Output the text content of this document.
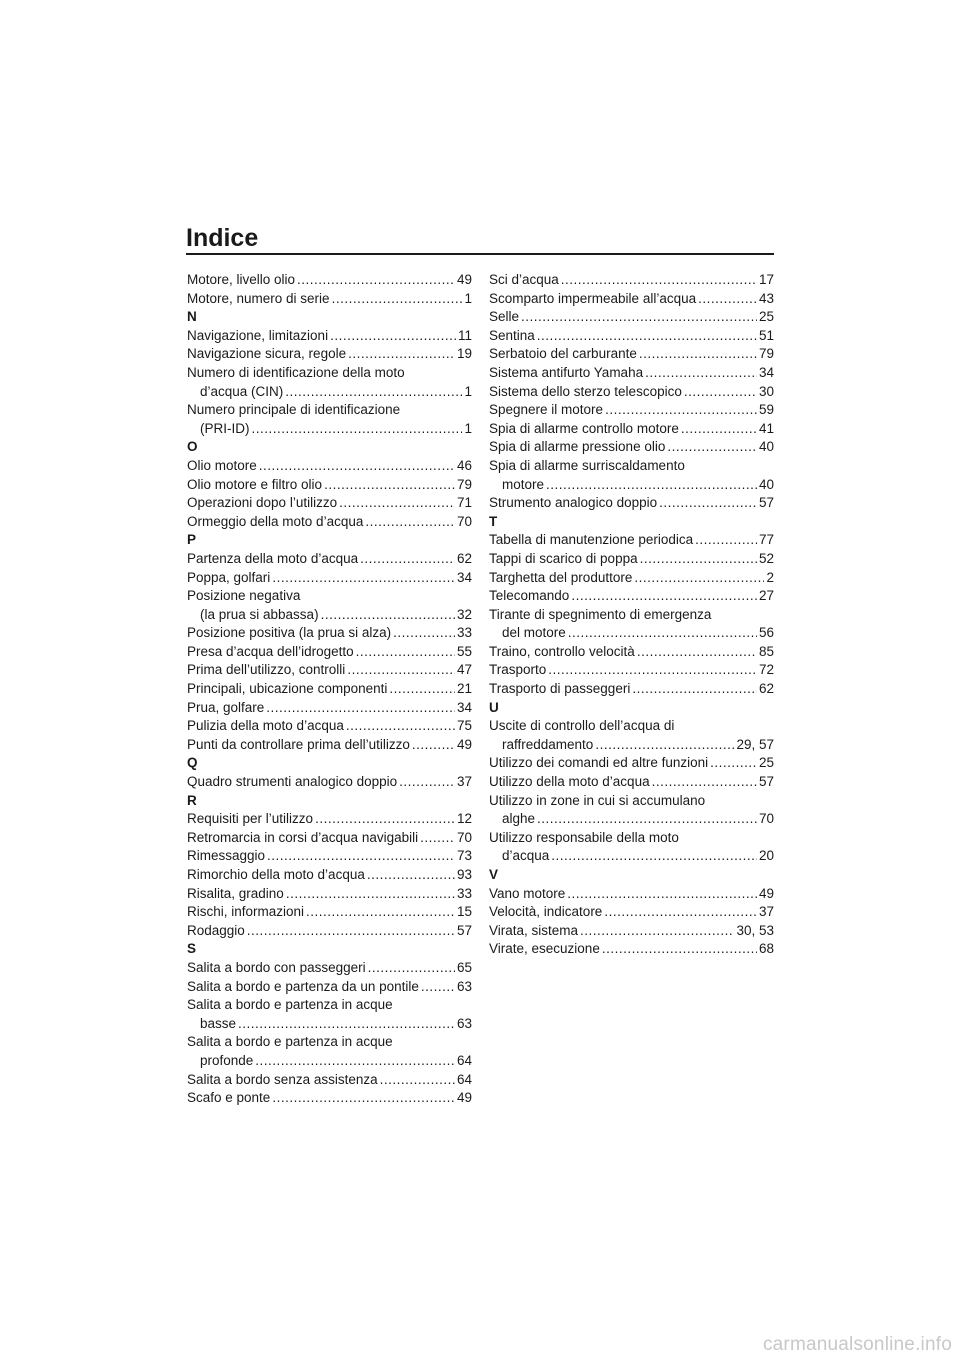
Indice
Motore, livello olio .....	49
Motore, numero di serie .....	1
N
Navigazione, limitazioni .....	11
Navigazione sicura, regole .....	19
Numero di identificazione della moto
d’acqua (CIN) .....	1
Numero principale di identificazione
(PRI-ID) .....	1
O
Olio motore .....	46
Olio motore e filtro olio .....	79
Operazioni dopo l’utilizzo .....	71
Ormeggio della moto d’acqua .....	70
P
Partenza della moto d’acqua .....	62
Poppa, golfari .....	34
Posizione negativa
(la prua si abbassa) .....	32
Posizione positiva (la prua si alza) .....	33
Presa d’acqua dell’idrogetto .....	55
Prima dell’utilizzo, controlli .....	47
Principali, ubicazione componenti .....	21
Prua, golfare .....	34
Pulizia della moto d’acqua .....	75
Punti da controllare prima dell’utilizzo .....	49
Q
Quadro strumenti analogico doppio .....	37
R
Requisiti per l’utilizzo .....	12
Retromarcia in corsi d’acqua navigabili .....	70
Rimessaggio .....	73
Rimorchio della moto d’acqua .....	93
Risalita, gradino .....	33
Rischi, informazioni .....	15
Rodaggio .....	57
S
Salita a bordo con passeggeri .....	65
Salita a bordo e partenza da un pontile .....	63
Salita a bordo e partenza in acque
basse .....	63
Salita a bordo e partenza in acque
profonde .....	64
Salita a bordo senza assistenza .....	64
Scafo e ponte .....	49
Sci d’acqua .....	17
Scomparto impermeabile all’acqua .....	43
Selle .....	25
Sentina .....	51
Serbatoio del carburante .....	79
Sistema antifurto Yamaha .....	34
Sistema dello sterzo telescopico .....	30
Spegnere il motore .....	59
Spia di allarme controllo motore .....	41
Spia di allarme pressione olio .....	40
Spia di allarme surriscaldamento
motore .....	40
Strumento analogico doppio .....	57
T
Tabella di manutenzione periodica .....	77
Tappi di scarico di poppa .....	52
Targhetta del produttore .....	2
Telecomando .....	27
Tirante di spegnimento di emergenza
del motore .....	56
Traino, controllo velocità .....	85
Trasporto .....	72
Trasporto di passeggeri .....	62
U
Uscite di controllo dell’acqua di
raffreddamento .....	29, 57
Utilizzo dei comandi ed altre funzioni .....	25
Utilizzo della moto d’acqua .....	57
Utilizzo in zone in cui si accumulano
alghe .....	70
Utilizzo responsabile della moto
d’acqua .....	20
V
Vano motore .....	49
Velocità, indicatore .....	37
Virata, sistema .....	30, 53
Virate, esecuzione .....	68
carmanualsonline.info
